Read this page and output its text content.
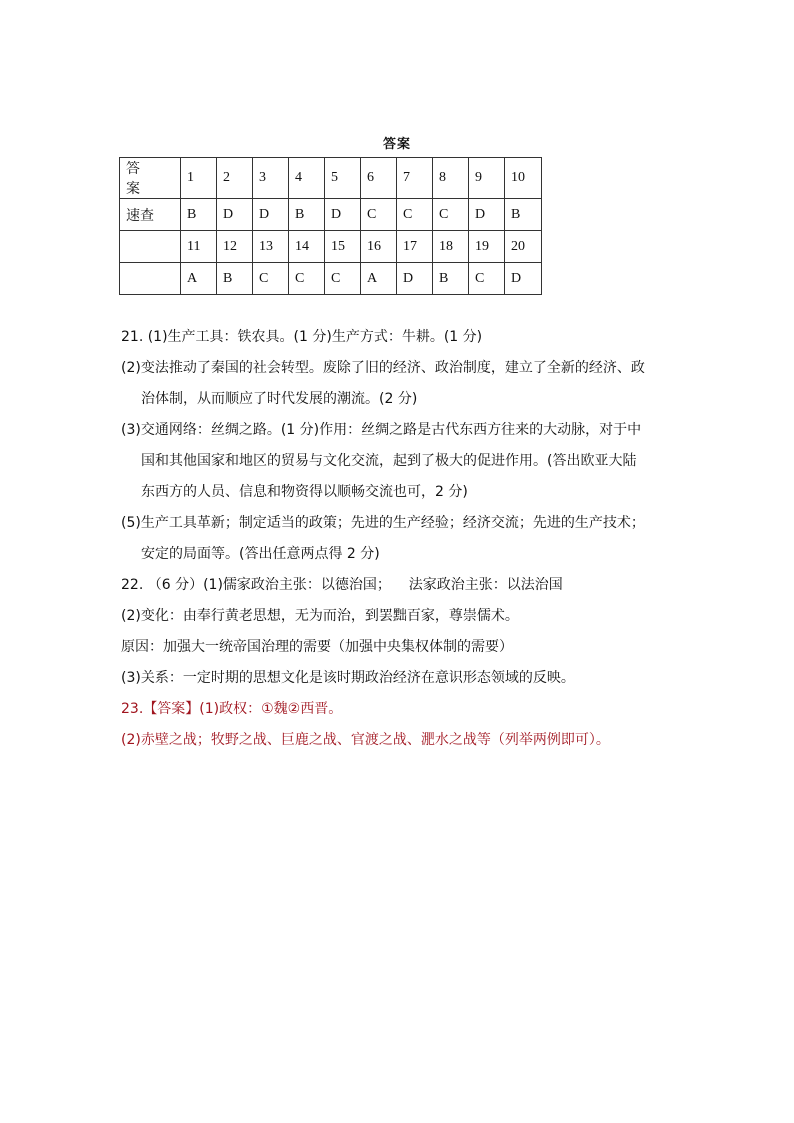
答案
答 案	1	2	3	4	5	6	7	8	9	10
速查	B	D	D	B	D	C	C	C	D	B
	11	12	13	14	15	16	17	18	19	20
	A	B	C	C	C	A	D	B	C	D

21. (1)生产工具：铁农具。(1 分)生产方式：牛耕。(1 分)

(2)变法推动了秦国的社会转型。废除了旧的经济、政治制度，建立了全新的经济、政

治体制，从而顺应了时代发展的潮流。(2 分)

(3)交通网络：丝绸之路。(1 分)作用：丝绸之路是古代东西方往来的大动脉，对于中

国和其他国家和地区的贸易与文化交流，起到了极大的促进作用。(答出欧亚大陆

东西方的人员、信息和物资得以顺畅交流也可，2 分)

(5)生产工具革新；制定适当的政策；先进的生产经验；经济交流；先进的生产技术；

安定的局面等。(答出任意两点得 2 分)

22. （6 分）(1)儒家政治主张：以德治国；    法家政治主张：以法治国

(2)变化：由奉行黄老思想，无为而治，到罢黜百家，尊崇儒术。

原因：加强大一统帝国治理的需要（加强中央集权体制的需要）

(3)关系：一定时期的思想文化是该时期政治经济在意识形态领域的反映。

23.【答案】(1)政权：①魏②西晋。

(2)赤壁之战；牧野之战、巨鹿之战、官渡之战、淝水之战等（列举两例即可）。
